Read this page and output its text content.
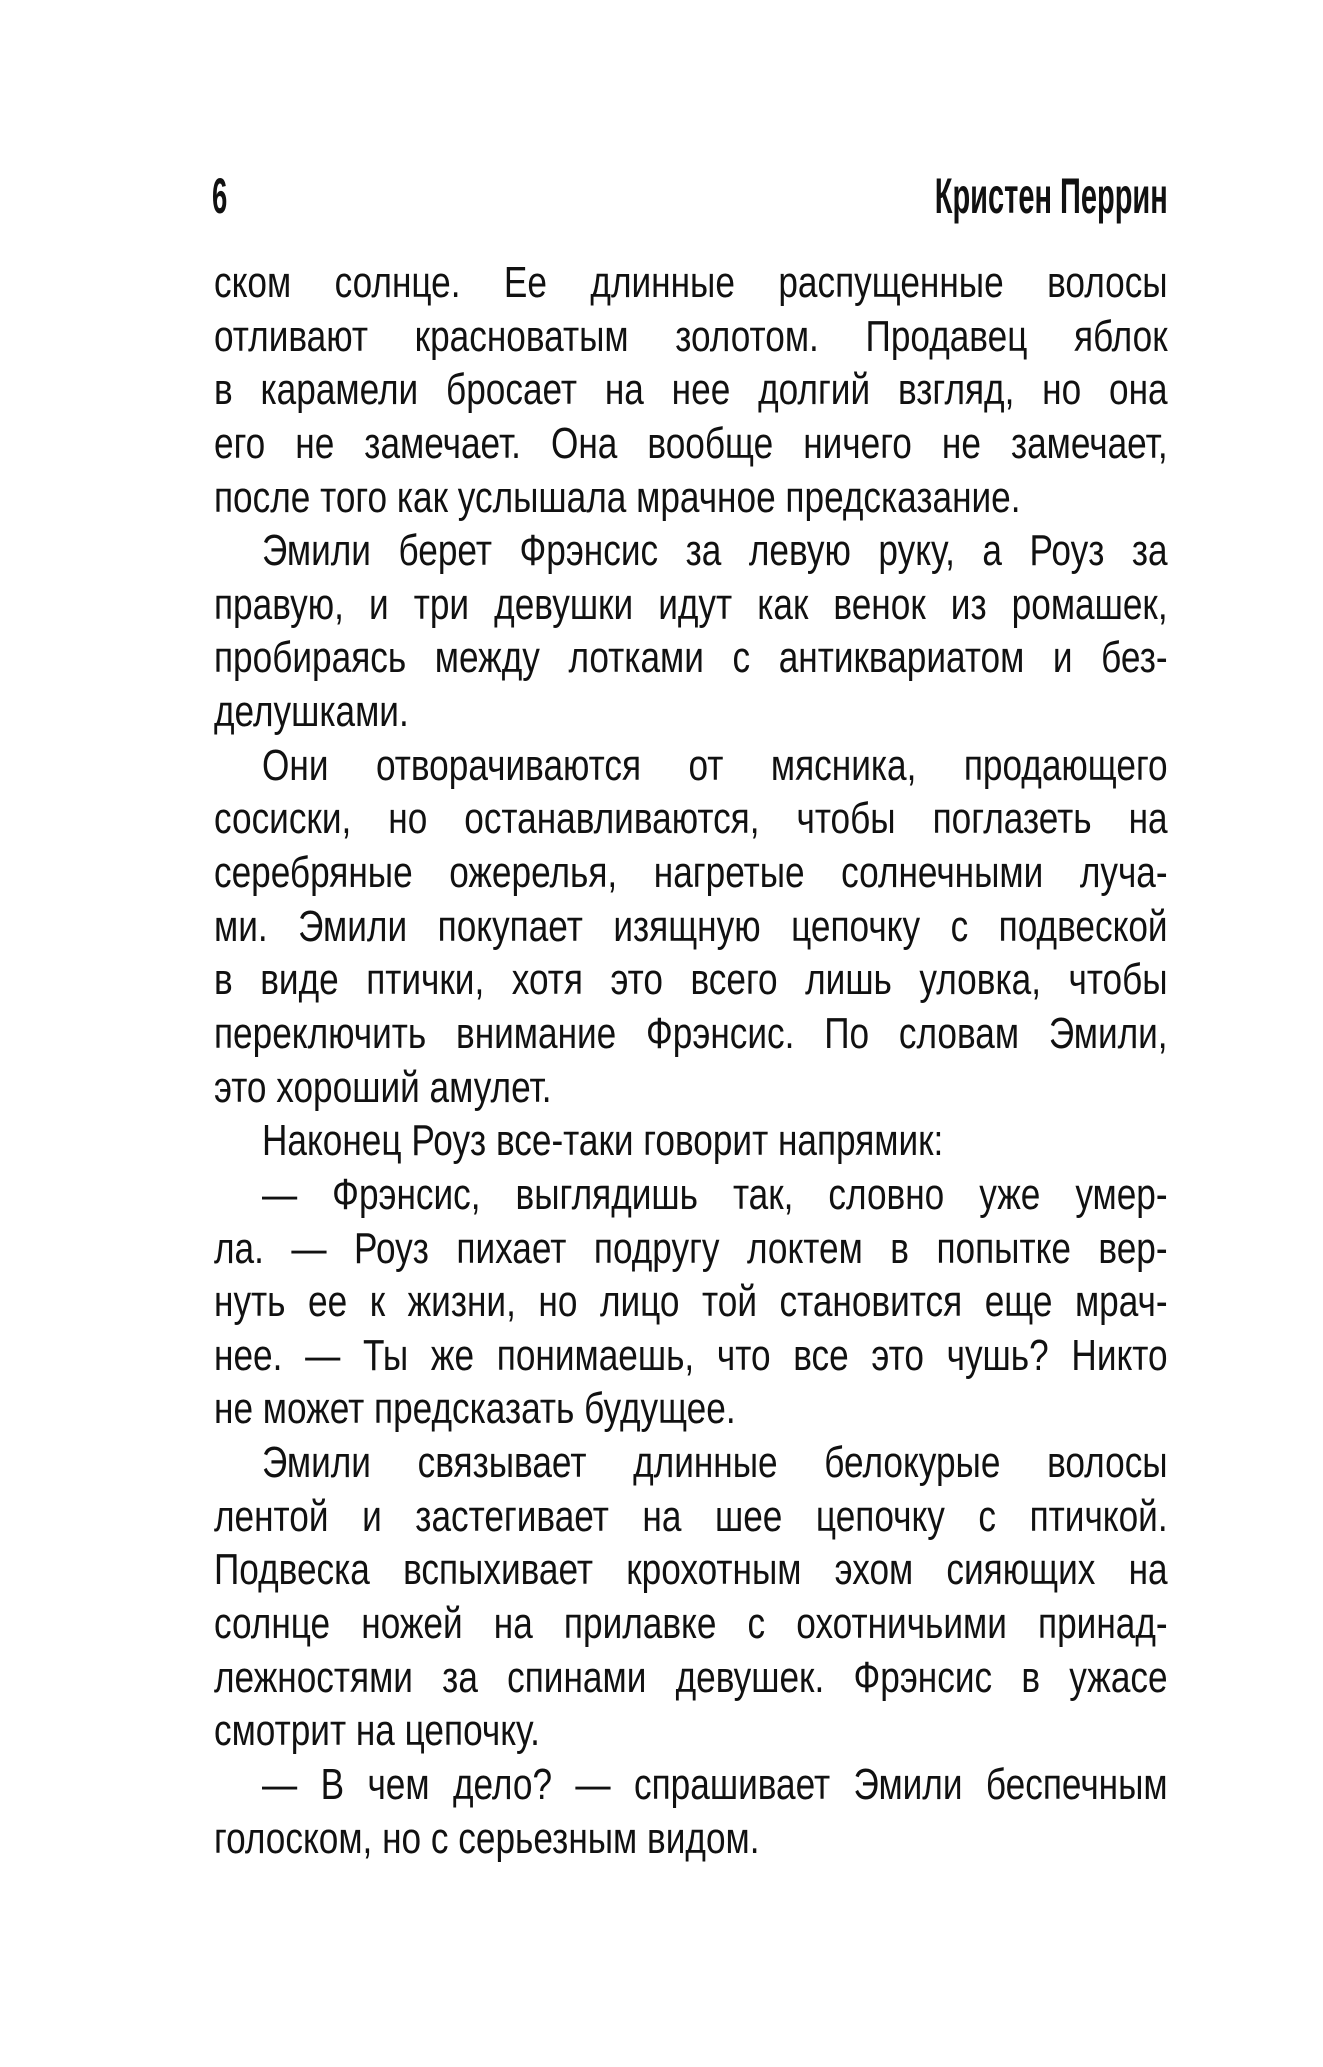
6	Кристен Перрин
ском солнце. Ее длинные распущенные волосы
отливают красноватым золотом. Продавец яблок
в карамели бросает на нее долгий взгляд, но она
его не замечает. Она вообще ничего не замечает,
после того как услышала мрачное предсказание.
Эмили берет Фрэнсис за левую руку, а Роуз за
правую, и три девушки идут как венок из ромашек,
пробираясь между лотками с антиквариатом и без-
делушками.
Они отворачиваются от мясника, продающего
сосиски, но останавливаются, чтобы поглазеть на
серебряные ожерелья, нагретые солнечными луча-
ми. Эмили покупает изящную цепочку с подвеской
в виде птички, хотя это всего лишь уловка, чтобы
переключить внимание Фрэнсис. По словам Эмили,
это хороший амулет.
Наконец Роуз все-таки говорит напрямик:
— Фрэнсис, выглядишь так, словно уже умер-
ла. — Роуз пихает подругу локтем в попытке вер-
нуть ее к жизни, но лицо той становится еще мрач-
нее. — Ты же понимаешь, что все это чушь? Никто
не может предсказать будущее.
Эмили связывает длинные белокурые волосы
лентой и застегивает на шее цепочку с птичкой.
Подвеска вспыхивает крохотным эхом сияющих на
солнце ножей на прилавке с охотничьими принад-
лежностями за спинами девушек. Фрэнсис в ужасе
смотрит на цепочку.
— В чем дело? — спрашивает Эмили беспечным
голоском, но с серьезным видом.
